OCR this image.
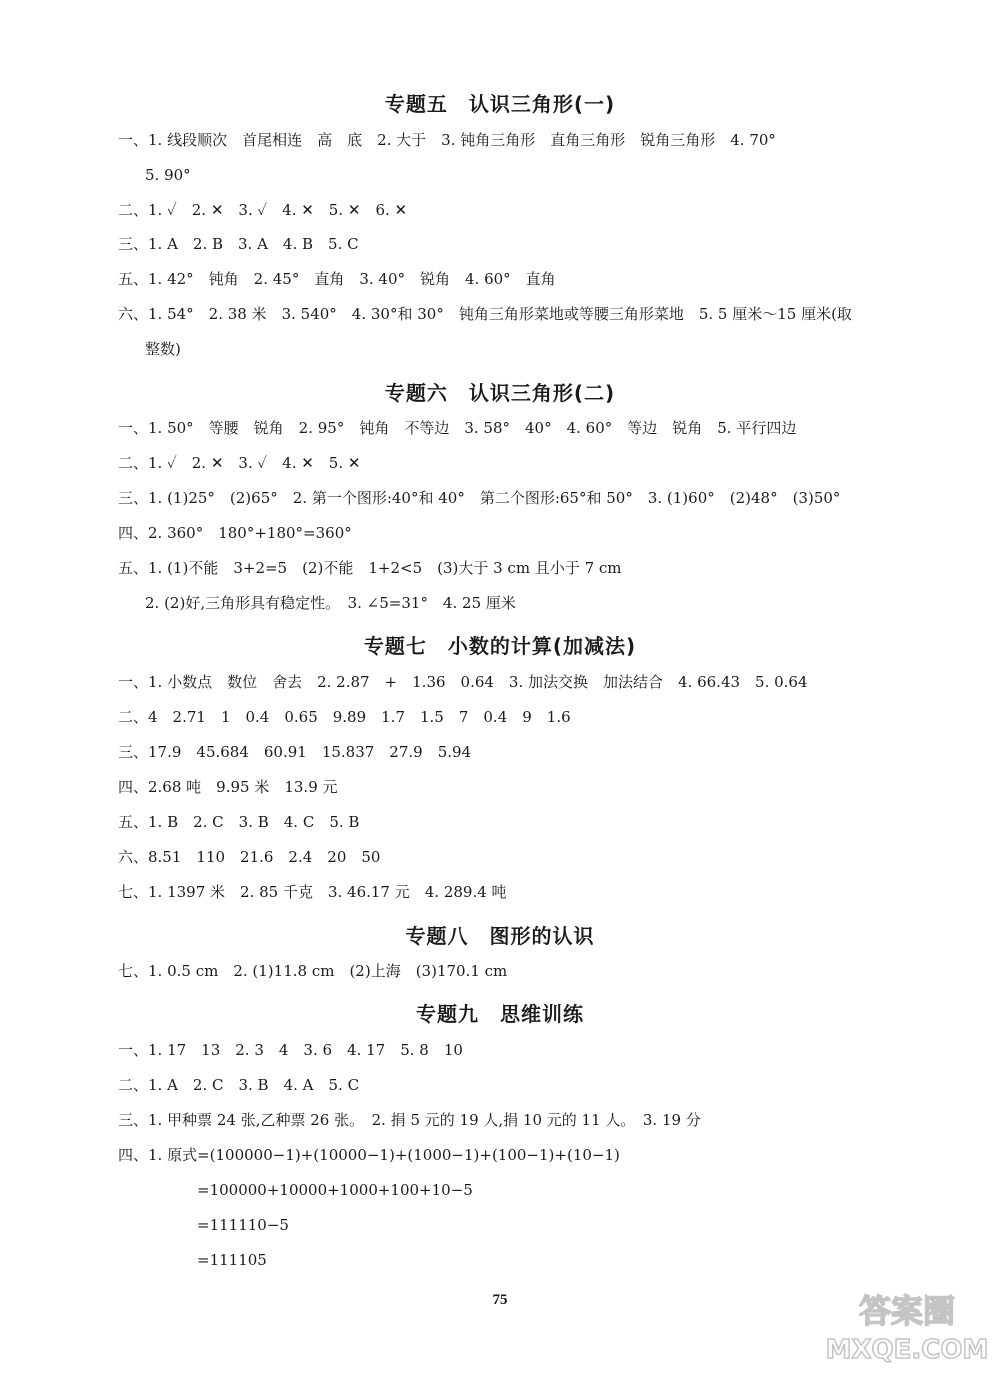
专题五　认识三角形(一)
一、1. 线段顺次　首尾相连　高　底　2. 大于　3. 钝角三角形　直角三角形　锐角三角形　4. 70°
5. 90°
二、1. ✓　2. ✕　3. ✓　4. ✕　5. ✕　6. ✕
三、1. A　2. B　3. A　4. B　5. C
五、1. 42°　钝角　2. 45°　直角　3. 40°　锐角　4. 60°　直角
六、1. 54°　2. 38 米　3. 540°　4. 30°和 30°　钝角三角形菜地或等腰三角形菜地　5. 5 厘米～15 厘米(取
整数)
专题六　认识三角形(二)
一、1. 50°　等腰　锐角　2. 95°　钝角　不等边　3. 58°　40°　4. 60°　等边　锐角　5. 平行四边
二、1. ✓　2. ✕　3. ✓　4. ✕　5. ✕
三、1. (1)25°　(2)65°　2. 第一个图形:40°和 40°　第二个图形:65°和 50°　3. (1)60°　(2)48°　(3)50°
四、2. 360°　180°+180°=360°
五、1. (1)不能　3+2=5　(2)不能　1+2<5　(3)大于 3 cm 且小于 7 cm
2. (2)好,三角形具有稳定性。　3. ∠5=31°　4. 25 厘米
专题七　小数的计算(加减法)
一、1. 小数点　数位　舍去　2. 2.87　+　1.36　0.64　3. 加法交换　加法结合　4. 66.43　5. 0.64
二、4　2.71　1　0.4　0.65　9.89　1.7　1.5　7　0.4　9　1.6
三、17.9　45.684　60.91　15.837　27.9　5.94
四、2.68 吨　9.95 米　13.9 元
五、1. B　2. C　3. B　4. C　5. B
六、8.51　110　21.6　2.4　20　50
七、1. 1397 米　2. 85 千克　3. 46.17 元　4. 289.4 吨
专题八　图形的认识
七、1. 0.5 cm　2. (1)11.8 cm　(2)上海　(3)170.1 cm
专题九　思维训练
一、1. 17　13　2. 3　4　3. 6　4. 17　5. 8　10
二、1. A　2. C　3. B　4. A　5. C
三、1. 甲种票 24 张,乙种票 26 张。　2. 捐 5 元的 19 人,捐 10 元的 11 人。　3. 19 分
四、1. 原式=(100000−1)+(10000−1)+(1000−1)+(100−1)+(10−1)
=100000+10000+1000+100+10−5
=111110−5
=111105
75	答案圈
MXQE.COM
